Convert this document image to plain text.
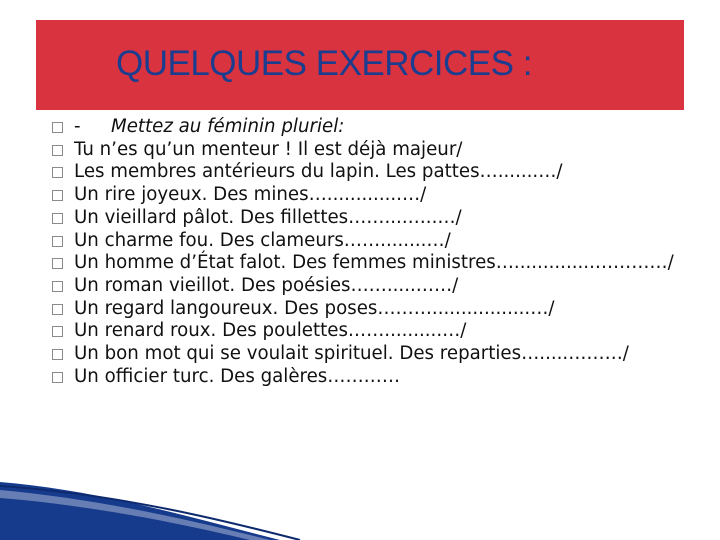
QUELQUES EXERCICES :
- Mettez au féminin pluriel:
Tu n’es qu’un menteur ! Il est déjà majeur/
Les membres antérieurs du lapin. Les pattes….......…/
Un rire joyeux. Des mines….............…/
Un vieillard pâlot. Des fillettes……....…..…/
Un charme fou. Des clameurs……........…/
Un homme d’État falot. Des femmes ministres…..............…………/
Un roman vieillot. Des poésies…….....……/
Un regard langoureux. Des poses……….................…/
Un renard roux. Des poulettes……..........…/
Un bon mot qui se voulait spirituel. Des reparties….....………/
Un officier turc. Des galères…………
